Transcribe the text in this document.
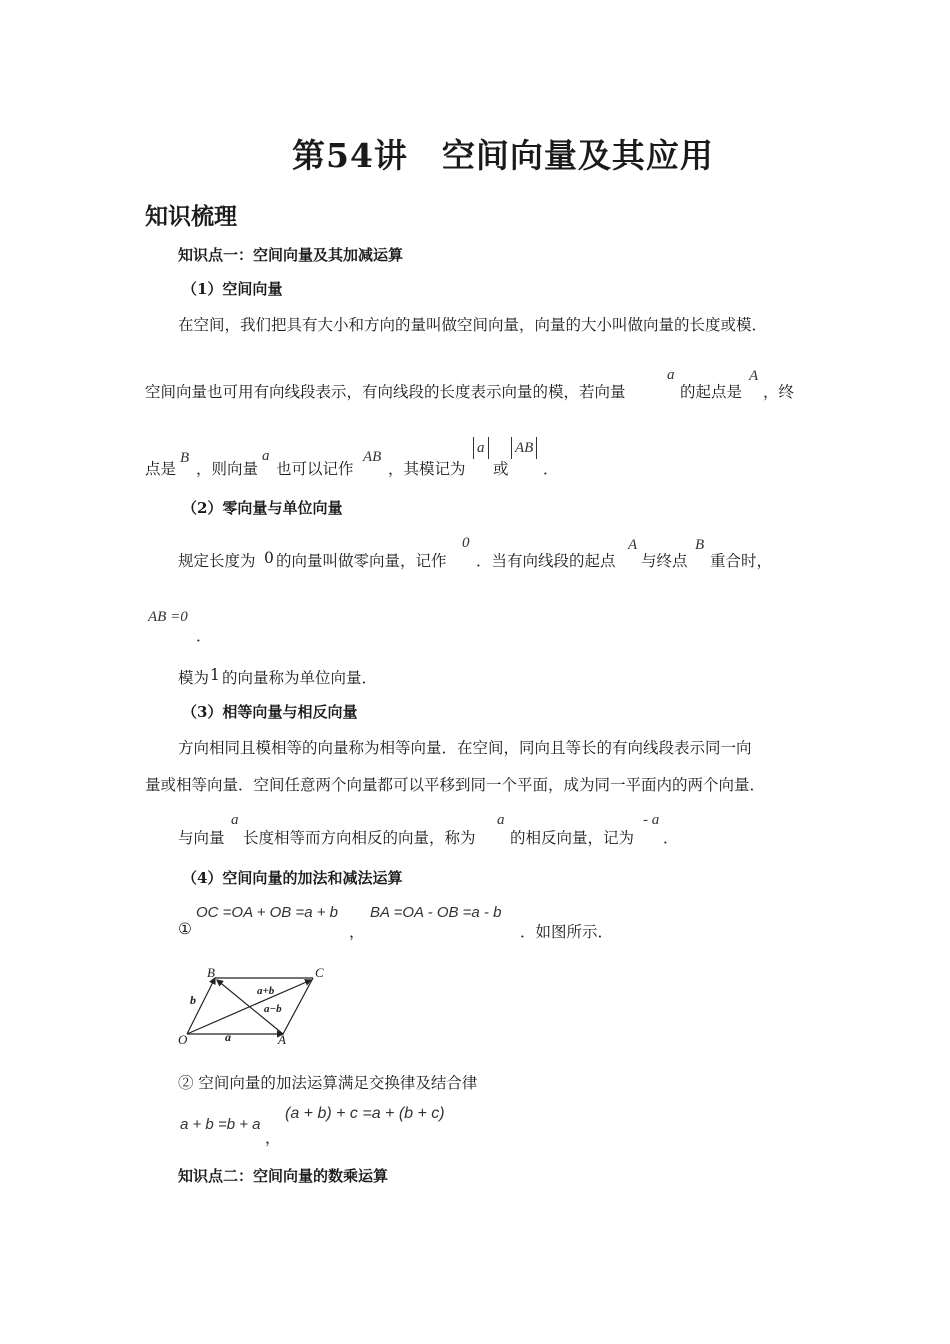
第54讲　空间向量及其应用
知识梳理
知识点一：空间向量及其加减运算
（1）空间向量
在空间，我们把具有大小和方向的量叫做空间向量，向量的大小叫做向量的长度或模．
空间向量也可用有向线段表示，有向线段的长度表示向量的模，若向量
a
的起点是
A
，终
点是
B
，则向量
a
也可以记作
AB
，其模记为
a
或
AB
．
（2）零向量与单位向量
规定长度为 0 的向量叫做零向量，记作
0
．当有向线段的起点
A
与终点
B
重合时，
AB =0
．
模为 1 的向量称为单位向量．
（3）相等向量与相反向量
方向相同且模相等的向量称为相等向量．在空间，同向且等长的有向线段表示同一向
量或相等向量．空间任意两个向量都可以平移到同一个平面，成为同一平面内的两个向量．
与向量
a
长度相等而方向相反的向量，称为
a
的相反向量，记为
- a
．
（4）空间向量的加法和减法运算
①
OC =OA + OB =a + b
，
BA =OA - OB =a - b
．如图所示．
O	A
B	C
a
b
a+b
a−b
② 空间向量的加法运算满足交换律及结合律
a + b =b + a
，
(a + b) + c =a + (b + c)
知识点二：空间向量的数乘运算
